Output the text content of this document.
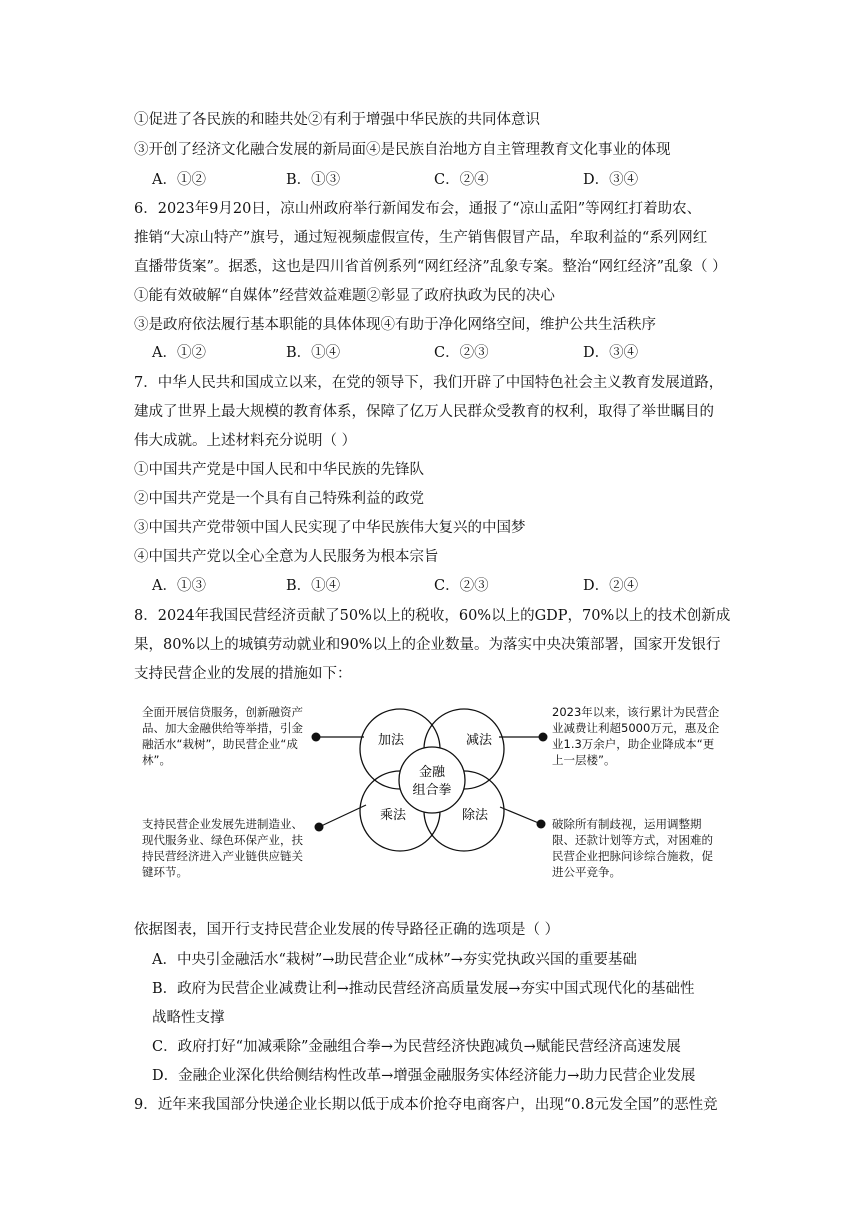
①促进了各民族的和睦共处②有利于增强中华民族的共同体意识
③开创了经济文化融合发展的新局面④是民族自治地方自主管理教育文化事业的体现
A．①②	B．①③	C．②④	D．③④
6．2023年9月20日，凉山州政府举行新闻发布会，通报了“凉山孟阳”等网红打着助农、
推销“大凉山特产”旗号，通过短视频虚假宣传，生产销售假冒产品，牟取利益的“系列网红
直播带货案”。据悉，这也是四川省首例系列“网红经济”乱象专案。整治“网红经济”乱象（ ）
①能有效破解“自媒体”经营效益难题②彰显了政府执政为民的决心
③是政府依法履行基本职能的具体体现④有助于净化网络空间，维护公共生活秩序
A．①②	B．①④	C．②③	D．③④
7．中华人民共和国成立以来，在党的领导下，我们开辟了中国特色社会主义教育发展道路，
建成了世界上最大规模的教育体系，保障了亿万人民群众受教育的权利，取得了举世瞩目的
伟大成就。上述材料充分说明（ ）
①中国共产党是中国人民和中华民族的先锋队
②中国共产党是一个具有自己特殊利益的政党
③中国共产党带领中国人民实现了中华民族伟大复兴的中国梦
④中国共产党以全心全意为人民服务为根本宗旨
A．①③	B．①④	C．②③	D．②④
8．2024年我国民营经济贡献了50%以上的税收，60%以上的GDP，70%以上的技术创新成
果，80%以上的城镇劳动就业和90%以上的企业数量。为落实中央决策部署，国家开发银行
支持民营企业的发展的措施如下：
金融
组合拳
加法	减法
乘法	除法
全面开展信贷服务，创新融资产品、加大金融供给等举措，引金融活水“栽树”，助民营企业“成林”。
2023年以来，该行累计为民营企业减费让利超5000万元，惠及企业1.3万余户，助企业降成本“更上一层楼”。
支持民营企业发展先进制造业、现代服务业、绿色环保产业，扶持民营经济进入产业链供应链关键环节。
破除所有制歧视，运用调整期限、还款计划等方式，对困难的民营企业把脉问诊综合施救，促进公平竞争。
依据图表，国开行支持民营企业发展的传导路径正确的选项是（ ）
A．中央引金融活水“栽树”→助民营企业“成林”→夯实党执政兴国的重要基础
B．政府为民营企业减费让利→推动民营经济高质量发展→夯实中国式现代化的基础性
战略性支撑
C．政府打好“加减乘除”金融组合拳→为民营经济快跑减负→赋能民营经济高速发展
D．金融企业深化供给侧结构性改革→增强金融服务实体经济能力→助力民营企业发展
9．近年来我国部分快递企业长期以低于成本价抢夺电商客户，出现“0.8元发全国”的恶性竞
